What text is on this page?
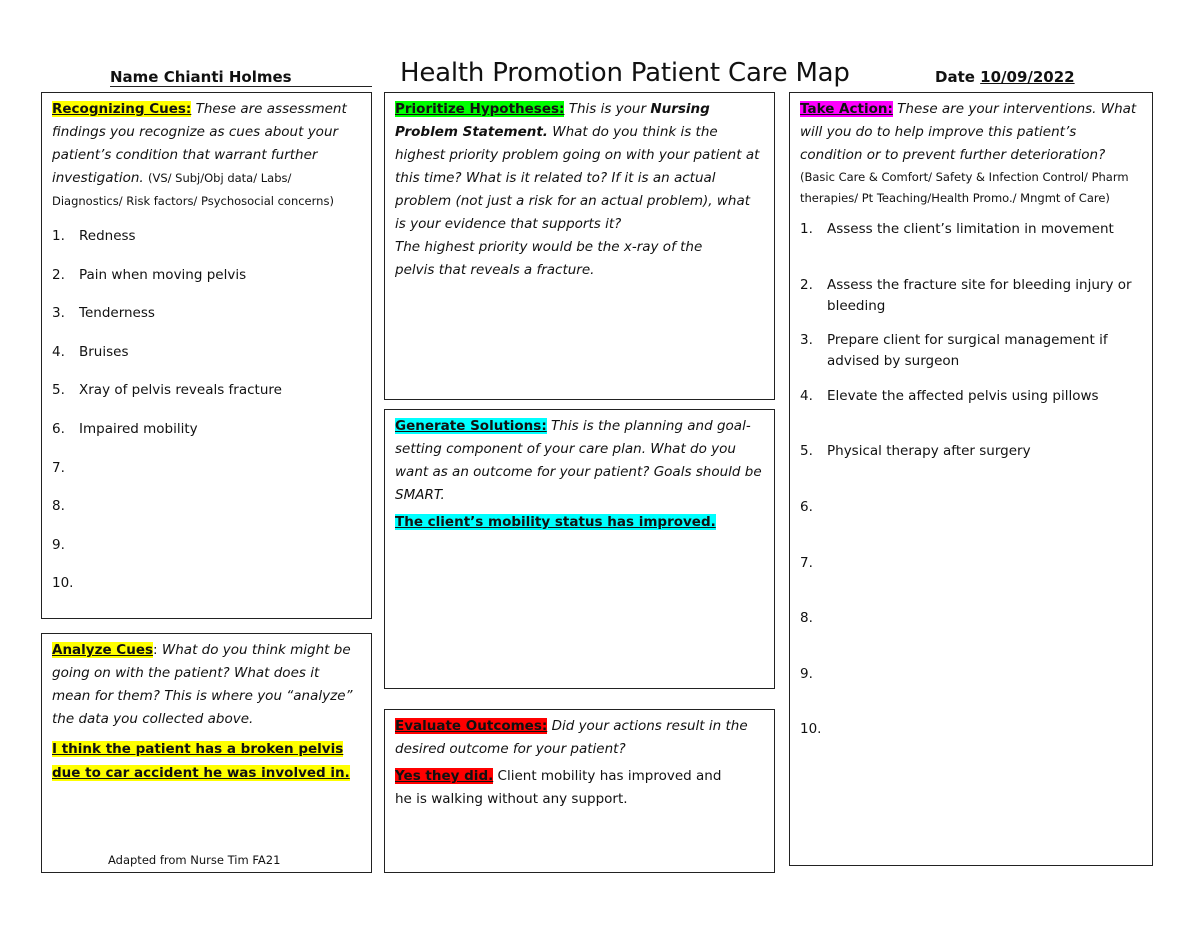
Name Chianti Holmes	Health Promotion Patient Care Map	Date 10/09/2022
Recognizing Cues: These are assessment findings you recognize as cues about your patient’s condition that warrant further investigation. (VS/ Subj/Obj data/ Labs/ Diagnostics/ Risk factors/ Psychosocial concerns)
1. Redness
2. Pain when moving pelvis
3. Tenderness
4. Bruises
5. Xray of pelvis reveals fracture
6. Impaired mobility
7.
8.
9.
10.
Analyze Cues: What do you think might be going on with the patient? What does it mean for them? This is where you “analyze” the data you collected above.
I think the patient has a broken pelvis due to car accident he was involved in.
Adapted from Nurse Tim FA21
Prioritize Hypotheses: This is your Nursing Problem Statement. What do you think is the highest priority problem going on with your patient at this time? What is it related to? If it is an actual problem (not just a risk for an actual problem), what is your evidence that supports it?
The highest priority would be the x-ray of the pelvis that reveals a fracture.
Generate Solutions: This is the planning and goal-setting component of your care plan. What do you want as an outcome for your patient? Goals should be SMART.
The client’s mobility status has improved.
Evaluate Outcomes: Did your actions result in the desired outcome for your patient?
Yes they did. Client mobility has improved and he is walking without any support.
Take Action: These are your interventions. What will you do to help improve this patient’s condition or to prevent further deterioration?
(Basic Care & Comfort/ Safety & Infection Control/ Pharm therapies/ Pt Teaching/Health Promo./ Mngmt of Care)
1. Assess the client’s limitation in movement
2. Assess the fracture site for bleeding injury or bleeding
3. Prepare client for surgical management if advised by surgeon
4. Elevate the affected pelvis using pillows
5. Physical therapy after surgery
6.
7.
8.
9.
10.
